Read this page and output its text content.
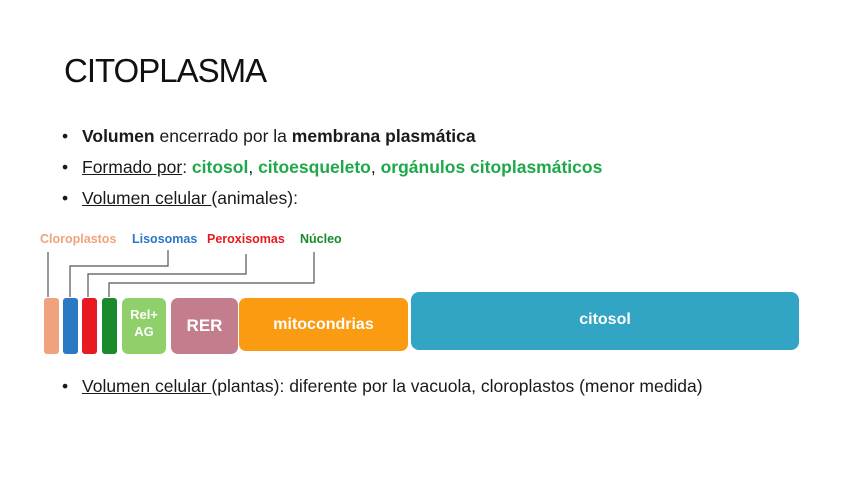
CITOPLASMA
• Volumen encerrado por la membrana plasmática
• Formado por: citosol, citoesqueleto, orgánulos citoplasmáticos
• Volumen celular (animales):
Cloroplastos Lisosomas Peroxisomas Núcleo
Rel+
AG	RER	mitocondrias	citosol
• Volumen celular (plantas): diferente por la vacuola, cloroplastos (menor medida)
